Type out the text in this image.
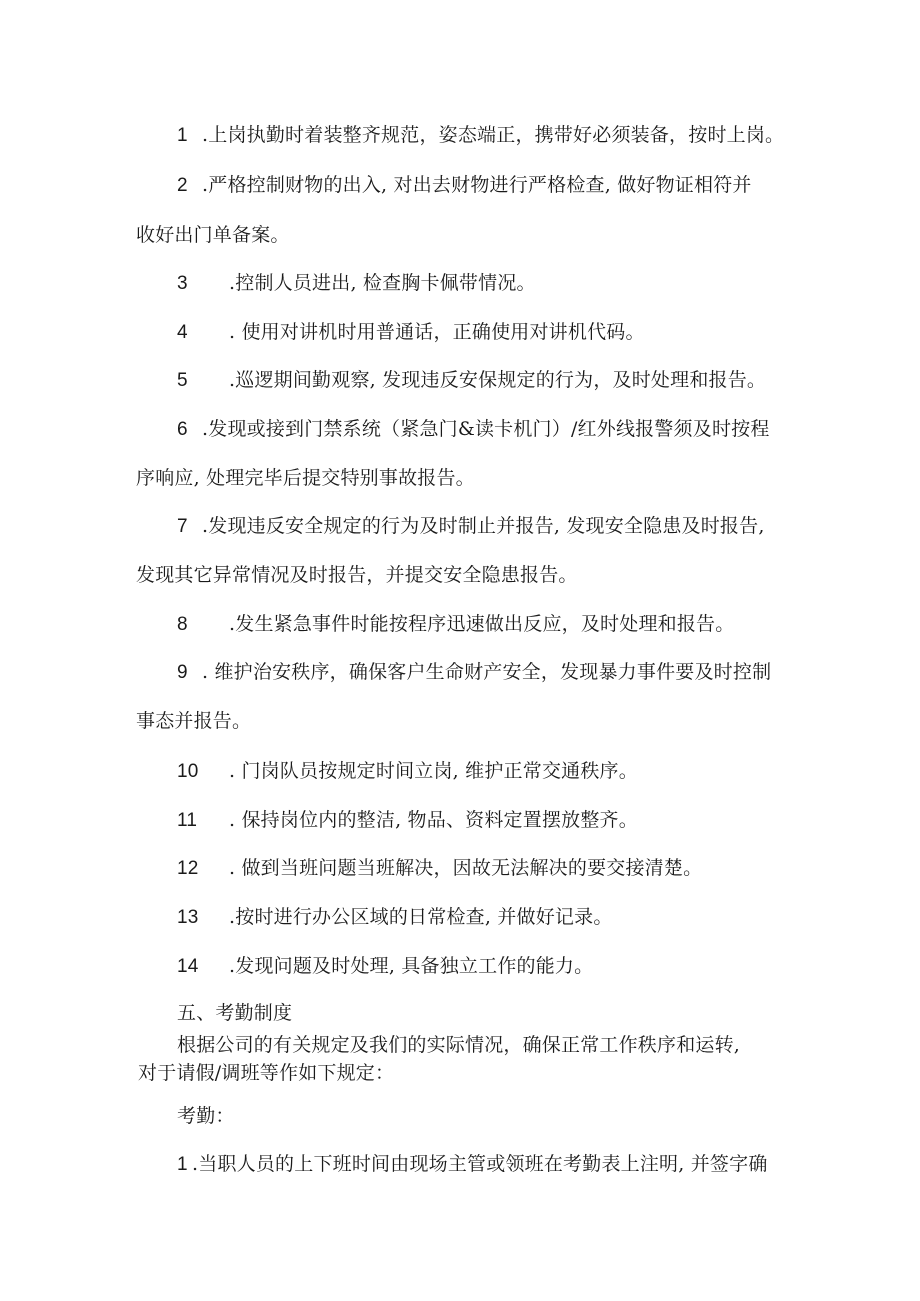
1 .上岗执勤时着装整齐规范，姿态端正，携带好必须装备，按时上岗。
2 .严格控制财物的出入, 对出去财物进行严格检查, 做好物证相符并
收好出门单备案。
3 .控制人员进出, 检查胸卡佩带情况。
4 . 使用对讲机时用普通话，正确使用对讲机代码。
5 .巡逻期间勤观察, 发现违反安保规定的行为，及时处理和报告。
6 .发现或接到门禁系统（紧急门&读卡机门）/红外线报警须及时按程
序响应, 处理完毕后提交特别事故报告。
7 .发现违反安全规定的行为及时制止并报告, 发现安全隐患及时报告,
发现其它异常情况及时报告，并提交安全隐患报告。
8 .发生紧急事件时能按程序迅速做出反应，及时处理和报告。
9 . 维护治安秩序，确保客户生命财产安全，发现暴力事件要及时控制
事态并报告。
10 . 门岗队员按规定时间立岗, 维护正常交通秩序。
11 . 保持岗位内的整洁, 物品、资料定置摆放整齐。
12 . 做到当班问题当班解决，因故无法解决的要交接清楚。
13 .按时进行办公区域的日常检查, 并做好记录。
14 .发现问题及时处理, 具备独立工作的能力。
五、考勤制度
根据公司的有关规定及我们的实际情况，确保正常工作秩序和运转,
对于请假/调班等作如下规定：
考勤：
1 .当职人员的上下班时间由现场主管或领班在考勤表上注明, 并签字确
